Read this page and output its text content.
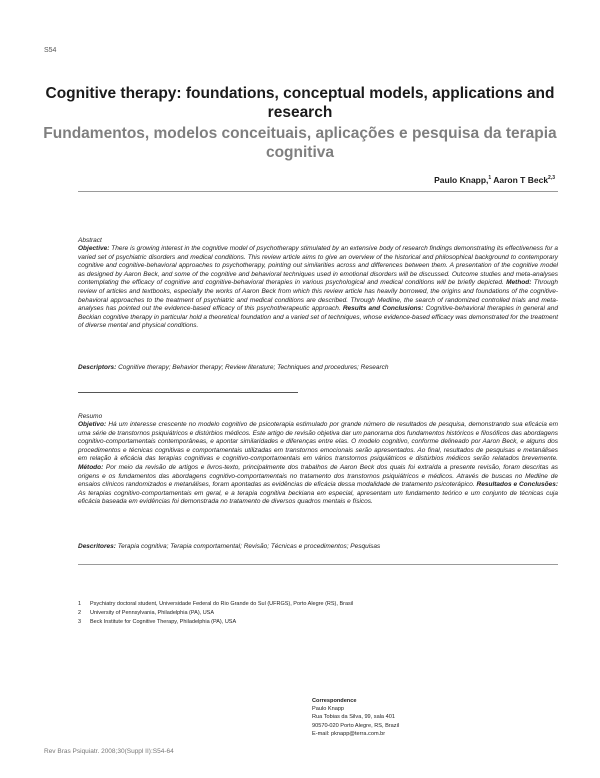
S54
Cognitive therapy: foundations, conceptual models, applications and research
Fundamentos, modelos conceituais, aplicações e pesquisa da terapia cognitiva
Paulo Knapp,$^1$ Aaron T Beck$^{2,3}$
Abstract
Objective: There is growing interest in the cognitive model of psychotherapy stimulated by an extensive body of research findings demonstrating its effectiveness for a varied set of psychiatric disorders and medical conditions. This review article aims to give an overview of the historical and philosophical background to contemporary cognitive and cognitive-behavioral approaches to psychotherapy, pointing out similarities across and differences between them. A presentation of the cognitive model as designed by Aaron Beck, and some of the cognitive and behavioral techniques used in emotional disorders will be discussed. Outcome studies and meta-analyses contemplating the efficacy of cognitive and cognitive-behavioral therapies in various psychological and medical conditions will be briefly depicted. Method: Through review of articles and textbooks, especially the works of Aaron Beck from which this review article has heavily borrowed, the origins and foundations of the cognitive-behavioral approaches to the treatment of psychiatric and medical conditions are described. Through Medline, the search of randomized controlled trials and meta-analyses has pointed out the evidence-based efficacy of this psychotherapeutic approach. Results and Conclusions: Cognitive-behavioral therapies in general and Beckian cognitive therapy in particular hold a theoretical foundation and a varied set of techniques, whose evidence-based efficacy was demonstrated for the treatment of diverse mental and physical conditions.
Descriptors: Cognitive therapy; Behavior therapy; Review literature; Techniques and procedures; Research
Resumo
Objetivo: Há um interesse crescente no modelo cognitivo de psicoterapia estimulado por grande número de resultados de pesquisa, demonstrando sua eficácia em uma série de transtornos psiquiátricos e distúrbios médicos. Este artigo de revisão objetiva dar um panorama dos fundamentos históricos e filosóficos das abordagens cognitivo-comportamentais contemporâneas, e apontar similaridades e diferenças entre elas. O modelo cognitivo, conforme delineado por Aaron Beck, e alguns dos procedimentos e técnicas cognitivas e comportamentais utilizadas em transtornos emocionais serão apresentados. Ao final, resultados de pesquisas e metanálises em relação à eficácia das terapias cognitivas e cognitivo-comportamentais em vários transtornos psiquiátricos e distúrbios médicos serão relatados brevemente. Método: Por meio da revisão de artigos e livros-texto, principalmente dos trabalhos de Aaron Beck dos quais foi extraída a presente revisão, foram descritas as origens e os fundamentos das abordagens cognitivo-comportamentais no tratamento dos transtornos psiquiátricos e médicos. Através de buscas no Medline de ensaios clínicos randomizados e metanálises, foram apontadas as evidências de eficácia dessa modalidade de tratamento psicoterápico. Resultados e Conclusões: As terapias cognitivo-comportamentais em geral, e a terapia cognitiva beckiana em especial, apresentam um fundamento teórico e um conjunto de técnicas cuja eficácia baseada em evidências foi demonstrada no tratamento de diversos quadros mentais e físicos.
Descritores: Terapia cognitiva; Terapia comportamental; Revisão; Técnicas e procedimentos; Pesquisas
1 Psychiatry doctoral student, Universidade Federal do Rio Grande do Sul (UFRGS), Porto Alegre (RS), Brasil
2 University of Pennsylvania, Philadelphia (PA), USA
3 Beck Institute for Cognitive Therapy, Philadelphia (PA), USA
Correspondence
Paulo Knapp
Rua Tobias da Silva, 99, sala 401
90570-020 Porto Alegre, RS, Brazil
E-mail: pknapp@terra.com.br
Rev Bras Psiquiatr. 2008;30(Suppl II):S54-64
